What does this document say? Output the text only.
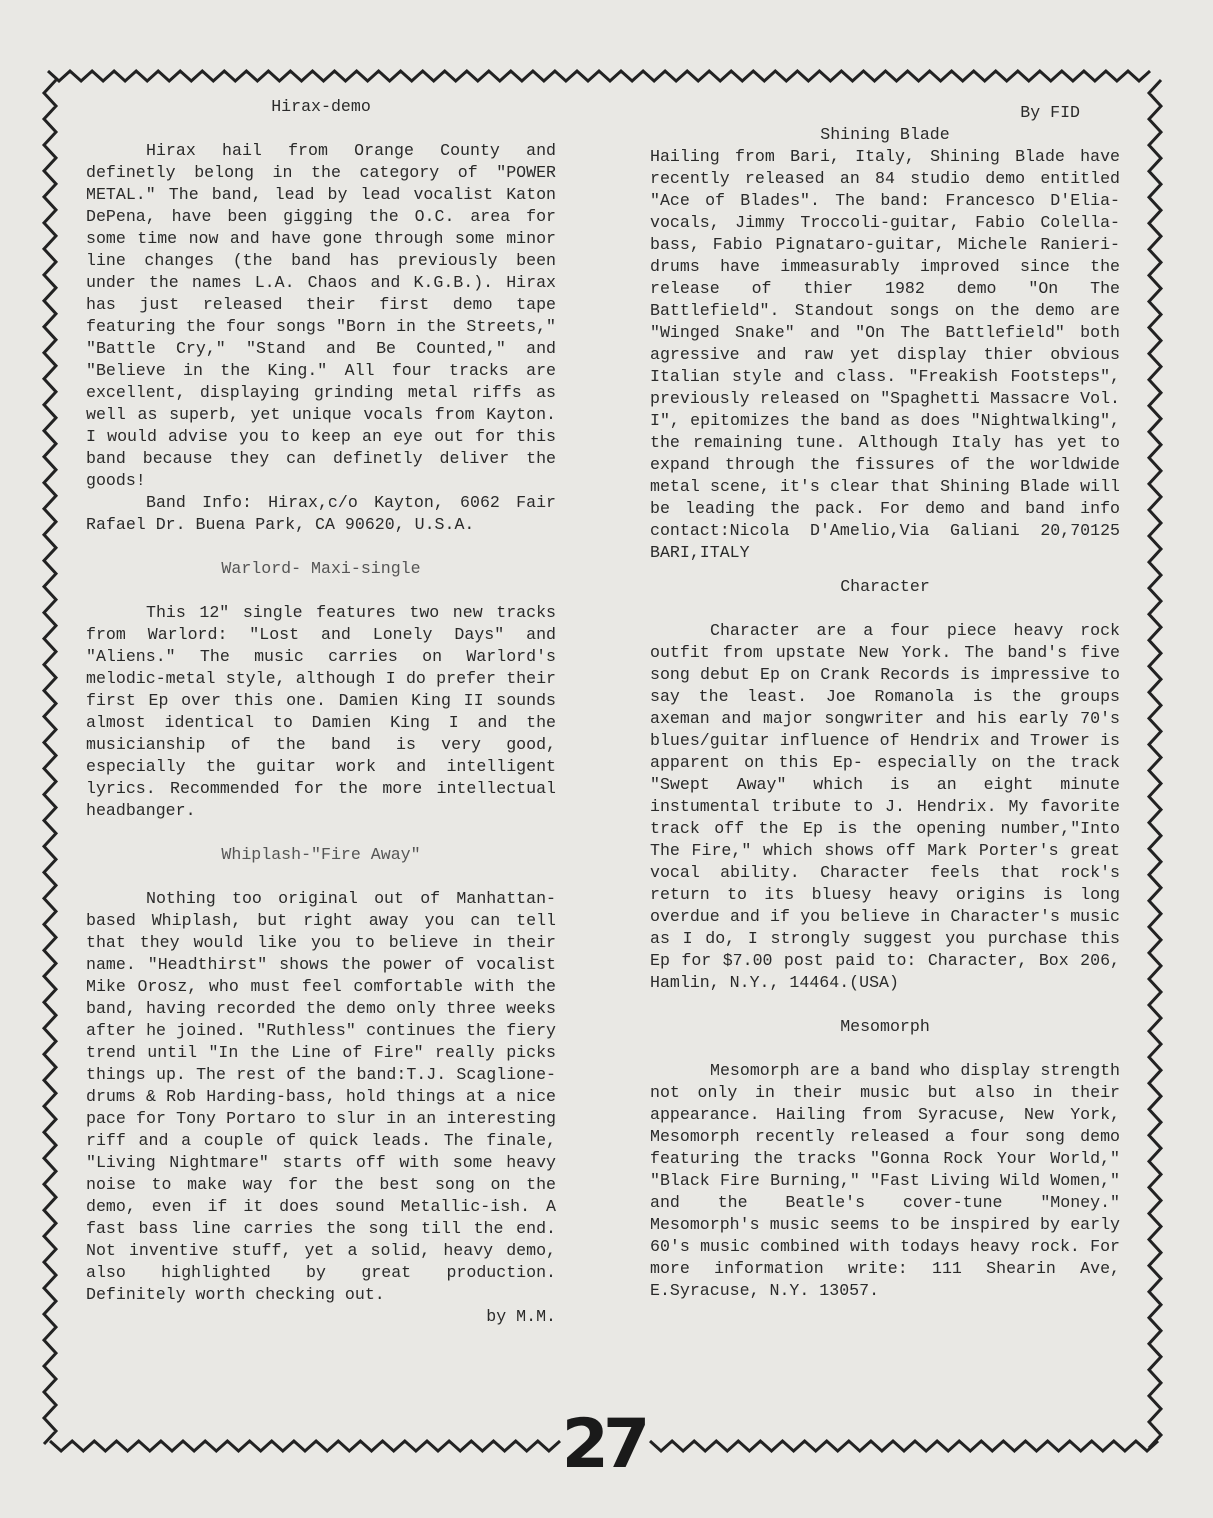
Hirax-demo

Hirax hail from Orange County and definetly belong in the category of "POWER METAL." The band, lead by lead vocalist Katon DePena, have been gigging the O.C. area for some time now and have gone through some minor line changes (the band has previously been under the names L.A. Chaos and K.G.B.). Hirax has just released their first demo tape featuring the four songs "Born in the Streets," "Battle Cry," "Stand and Be Counted," and "Believe in the King." All four tracks are excellent, displaying grinding metal riffs as well as superb, yet unique vocals from Kayton. I would advise you to keep an eye out for this band because they can definetly deliver the goods!

Band Info: Hirax,c/o Kayton, 6062 Fair Rafael Dr. Buena Park, CA 90620, U.S.A.

Warlord- Maxi-single

This 12" single features two new tracks from Warlord: "Lost and Lonely Days" and "Aliens." The music carries on Warlord's melodic-metal style, although I do prefer their first Ep over this one. Damien King II sounds almost identical to Damien King I and the musicianship of the band is very good, especially the guitar work and intelligent lyrics. Recommended for the more intellectual headbanger.

Whiplash-"Fire Away"

Nothing too original out of Manhattan-based Whiplash, but right away you can tell that they would like you to believe in their name. "Headthirst" shows the power of vocalist Mike Orosz, who must feel comfortable with the band, having recorded the demo only three weeks after he joined. "Ruthless" continues the fiery trend until "In the Line of Fire" really picks things up. The rest of the band:T.J. Scaglione-drums & Rob Harding-bass, hold things at a nice pace for Tony Portaro to slur in an interesting riff and a couple of quick leads. The finale, "Living Nightmare" starts off with some heavy noise to make way for the best song on the demo, even if it does sound Metallic-ish. A fast bass line carries the song till the end. Not inventive stuff, yet a solid, heavy demo, also highlighted by great production. Definitely worth checking out.

by M.M.

By FID

Shining Blade

Hailing from Bari, Italy, Shining Blade have recently released an 84 studio demo entitled "Ace of Blades". The band: Francesco D'Elia-vocals, Jimmy Troccoli-guitar, Fabio Colella-bass, Fabio Pignataro-guitar, Michele Ranieri-drums have immeasurably improved since the release of thier 1982 demo "On The Battlefield". Standout songs on the demo are "Winged Snake" and "On The Battlefield" both agressive and raw yet display thier obvious Italian style and class. "Freakish Footsteps", previously released on "Spaghetti Massacre Vol. I", epitomizes the band as does "Nightwalking", the remaining tune. Although Italy has yet to expand through the fissures of the worldwide metal scene, it's clear that Shining Blade will be leading the pack. For demo and band info contact:Nicola D'Amelio,Via Galiani 20,70125 BARI,ITALY

Character

Character are a four piece heavy rock outfit from upstate New York. The band's five song debut Ep on Crank Records is impressive to say the least. Joe Romanola is the groups axeman and major songwriter and his early 70's blues/guitar influence of Hendrix and Trower is apparent on this Ep- especially on the track "Swept Away" which is an eight minute instumental tribute to J. Hendrix. My favorite track off the Ep is the opening number,"Into The Fire," which shows off Mark Porter's great vocal ability. Character feels that rock's return to its bluesy heavy origins is long overdue and if you believe in Character's music as I do, I strongly suggest you purchase this Ep for $7.00 post paid to: Character, Box 206, Hamlin, N.Y., 14464.(USA)

Mesomorph

Mesomorph are a band who display strength not only in their music but also in their appearance. Hailing from Syracuse, New York, Mesomorph recently released a four song demo featuring the tracks "Gonna Rock Your World," "Black Fire Burning," "Fast Living Wild Women," and the Beatle's cover-tune "Money." Mesomorph's music seems to be inspired by early 60's music combined with todays heavy rock. For more information write: 111 Shearin Ave, E.Syracuse, N.Y. 13057.

27
